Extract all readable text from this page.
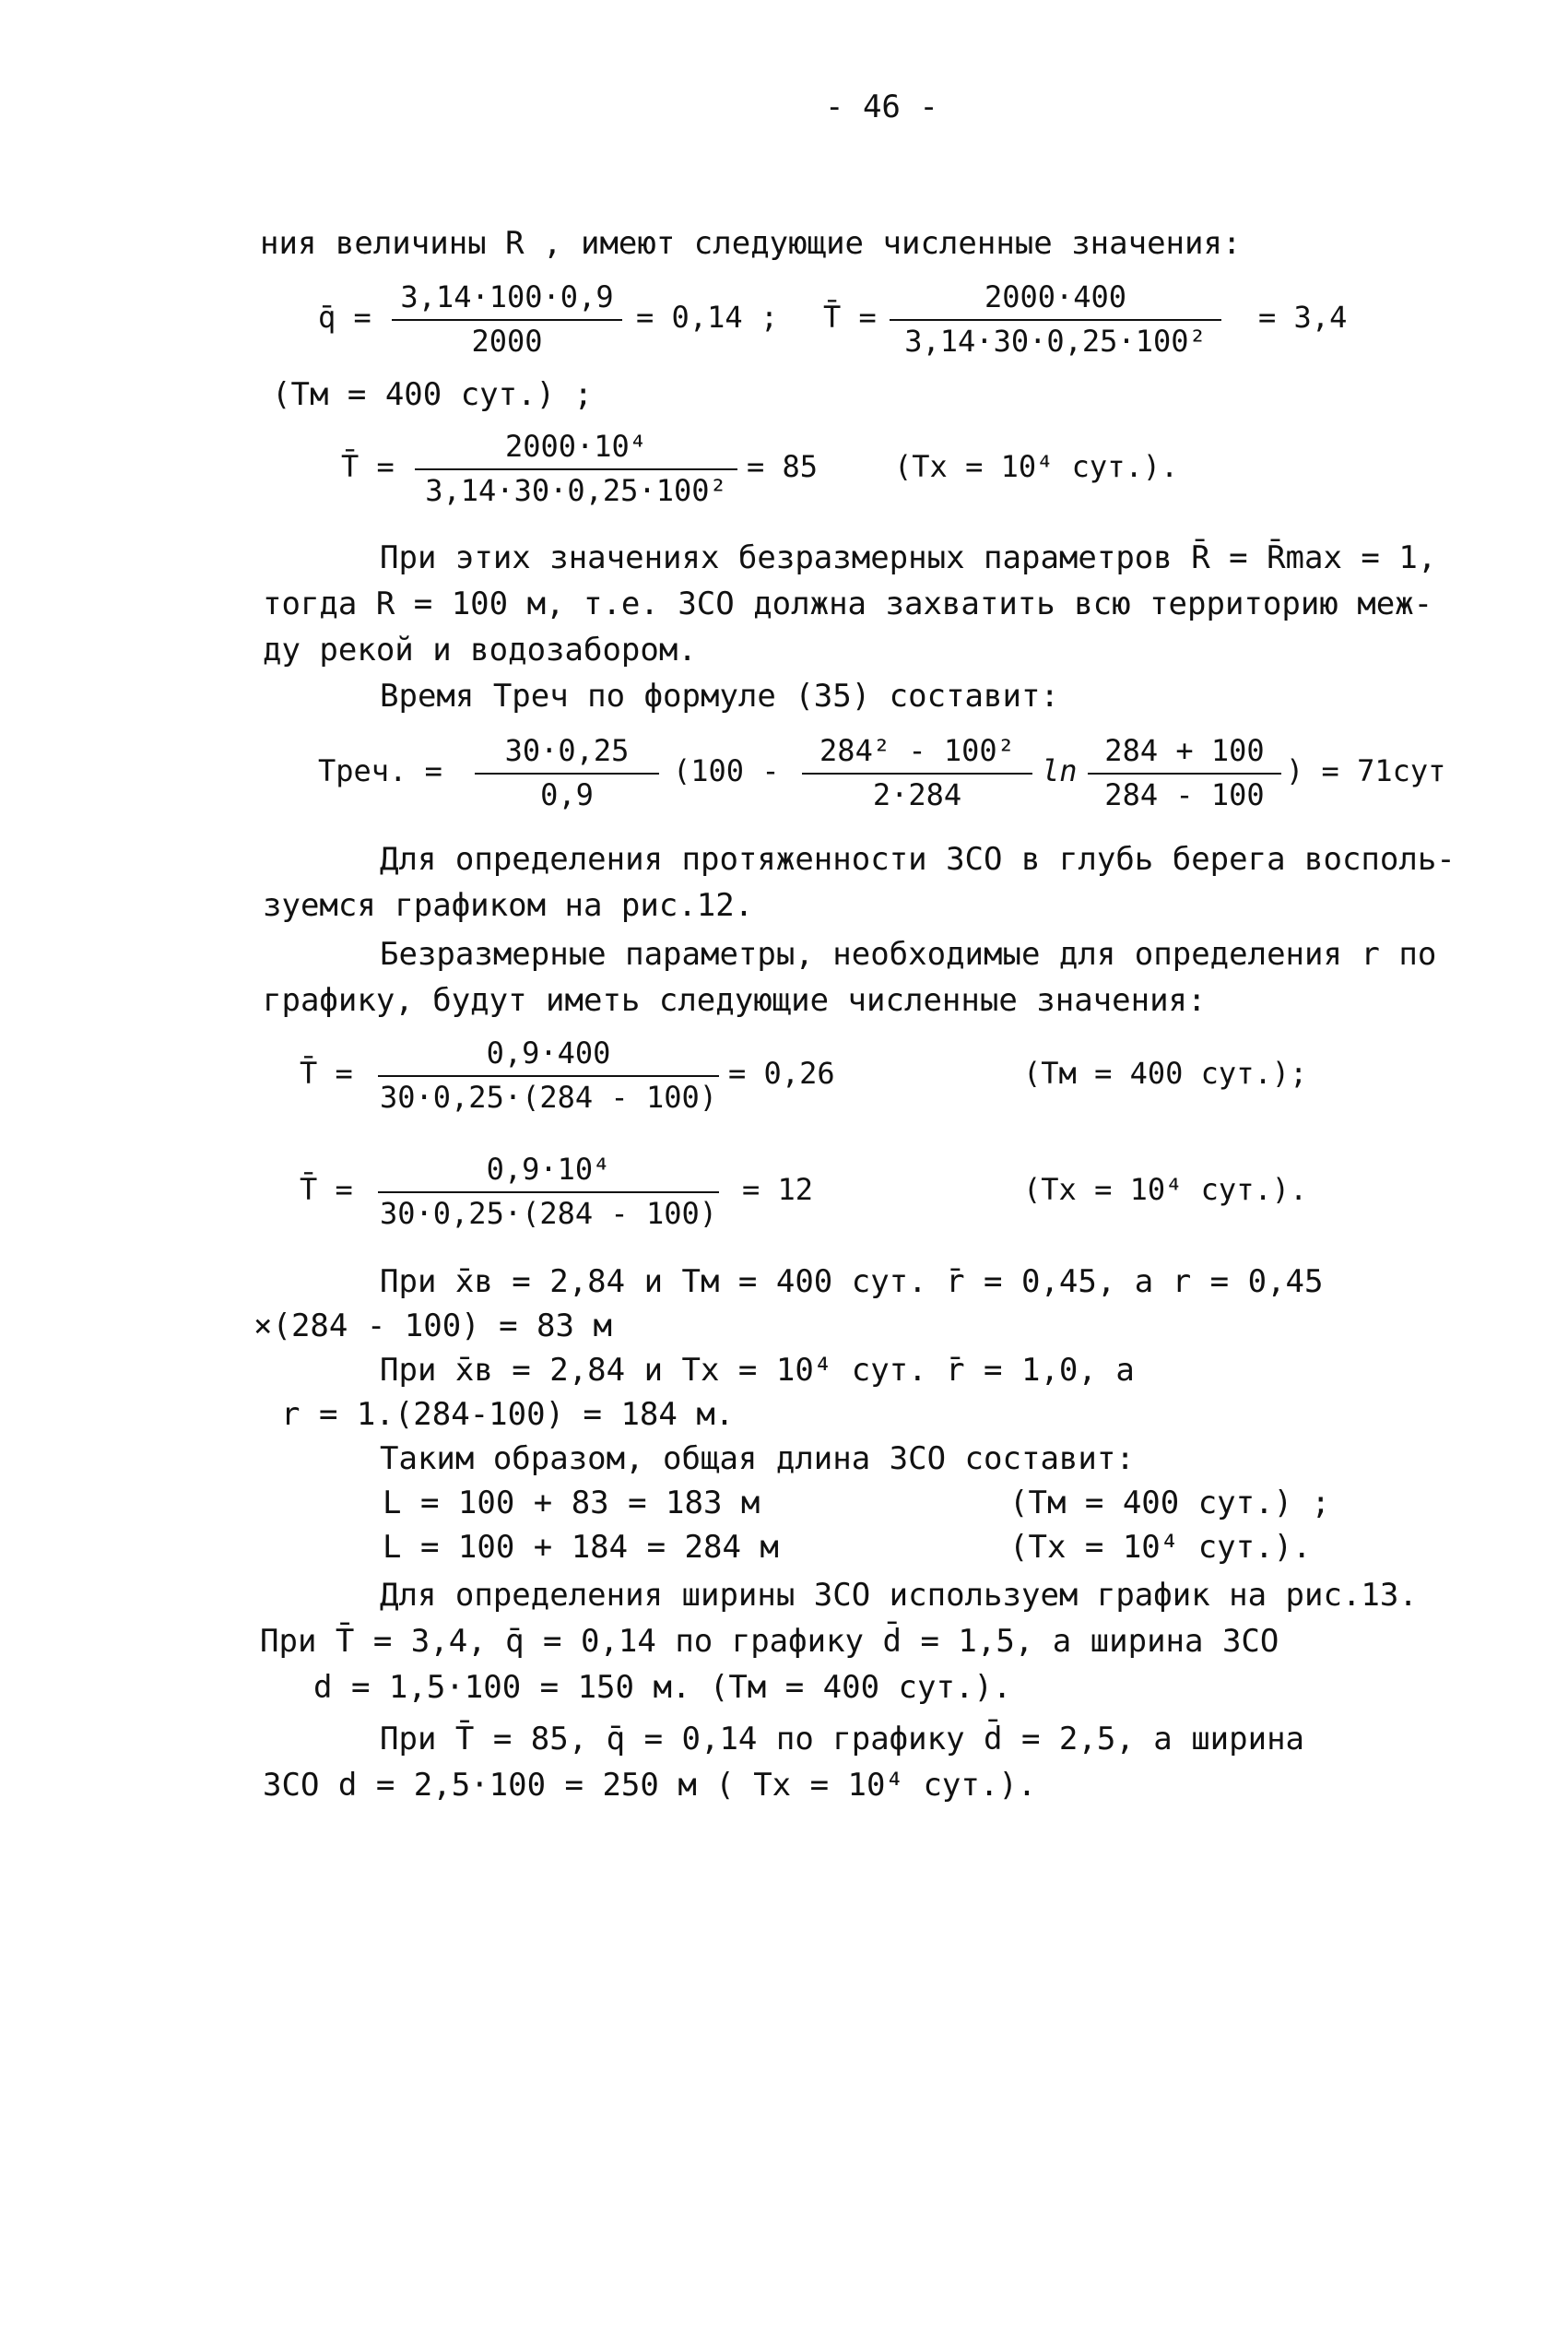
- 46 -
ния величины R , имеют следующие численные значения:
q̄ =
3,14·100·0,9
2000
= 0,14 ; T̄ =
2000·400
3,14·30·0,25·100²
= 3,4
(Tм = 400 сут.) ;
T̄ =
2000·10⁴
3,14·30·0,25·100²
= 85	(Tх = 10⁴ сут.).
При этих значениях безразмерных параметров R̄ = R̄max = 1,
тогда R = 100 м, т.е. ЗСО должна захватить всю территорию меж-
ду рекой и водозабором.
Время Tреч по формуле (35) составит:
Tреч. =
30·0,25
0,9
(100 -
284² - 100²
2·284
ln
284 + 100
284 - 100
) = 71сут
Для определения протяженности ЗСО в глубь берега восполь-
зуемся графиком на рис.12.
Безразмерные параметры, необходимые для определения r по
графику, будут иметь следующие численные значения:
T̄ =
0,9·400
30·0,25·(284 - 100)
= 0,26	(Tм = 400 сут.);
T̄ =
0,9·10⁴
30·0,25·(284 - 100)
= 12	(Tх = 10⁴ сут.).
При x̄в = 2,84 и Tм = 400 сут. r̄ = 0,45, а r = 0,45
×(284 - 100) = 83 м
При x̄в = 2,84 и Tх = 10⁴ сут. r̄ = 1,0, а
r = 1.(284-100) = 184 м.
Таким образом, общая длина ЗСО составит:
L = 100 + 83 = 183 м	(Tм = 400 сут.) ;
L = 100 + 184 = 284 м	(Tх = 10⁴ сут.).
Для определения ширины ЗСО используем график на рис.13.
При T̄ = 3,4, q̄ = 0,14 по графику d̄ = 1,5, а ширина ЗСО
d = 1,5·100 = 150 м. (Tм = 400 сут.).
При T̄ = 85, q̄ = 0,14 по графику d̄ = 2,5, а ширина
ЗСО d = 2,5·100 = 250 м ( Tх = 10⁴ сут.).
